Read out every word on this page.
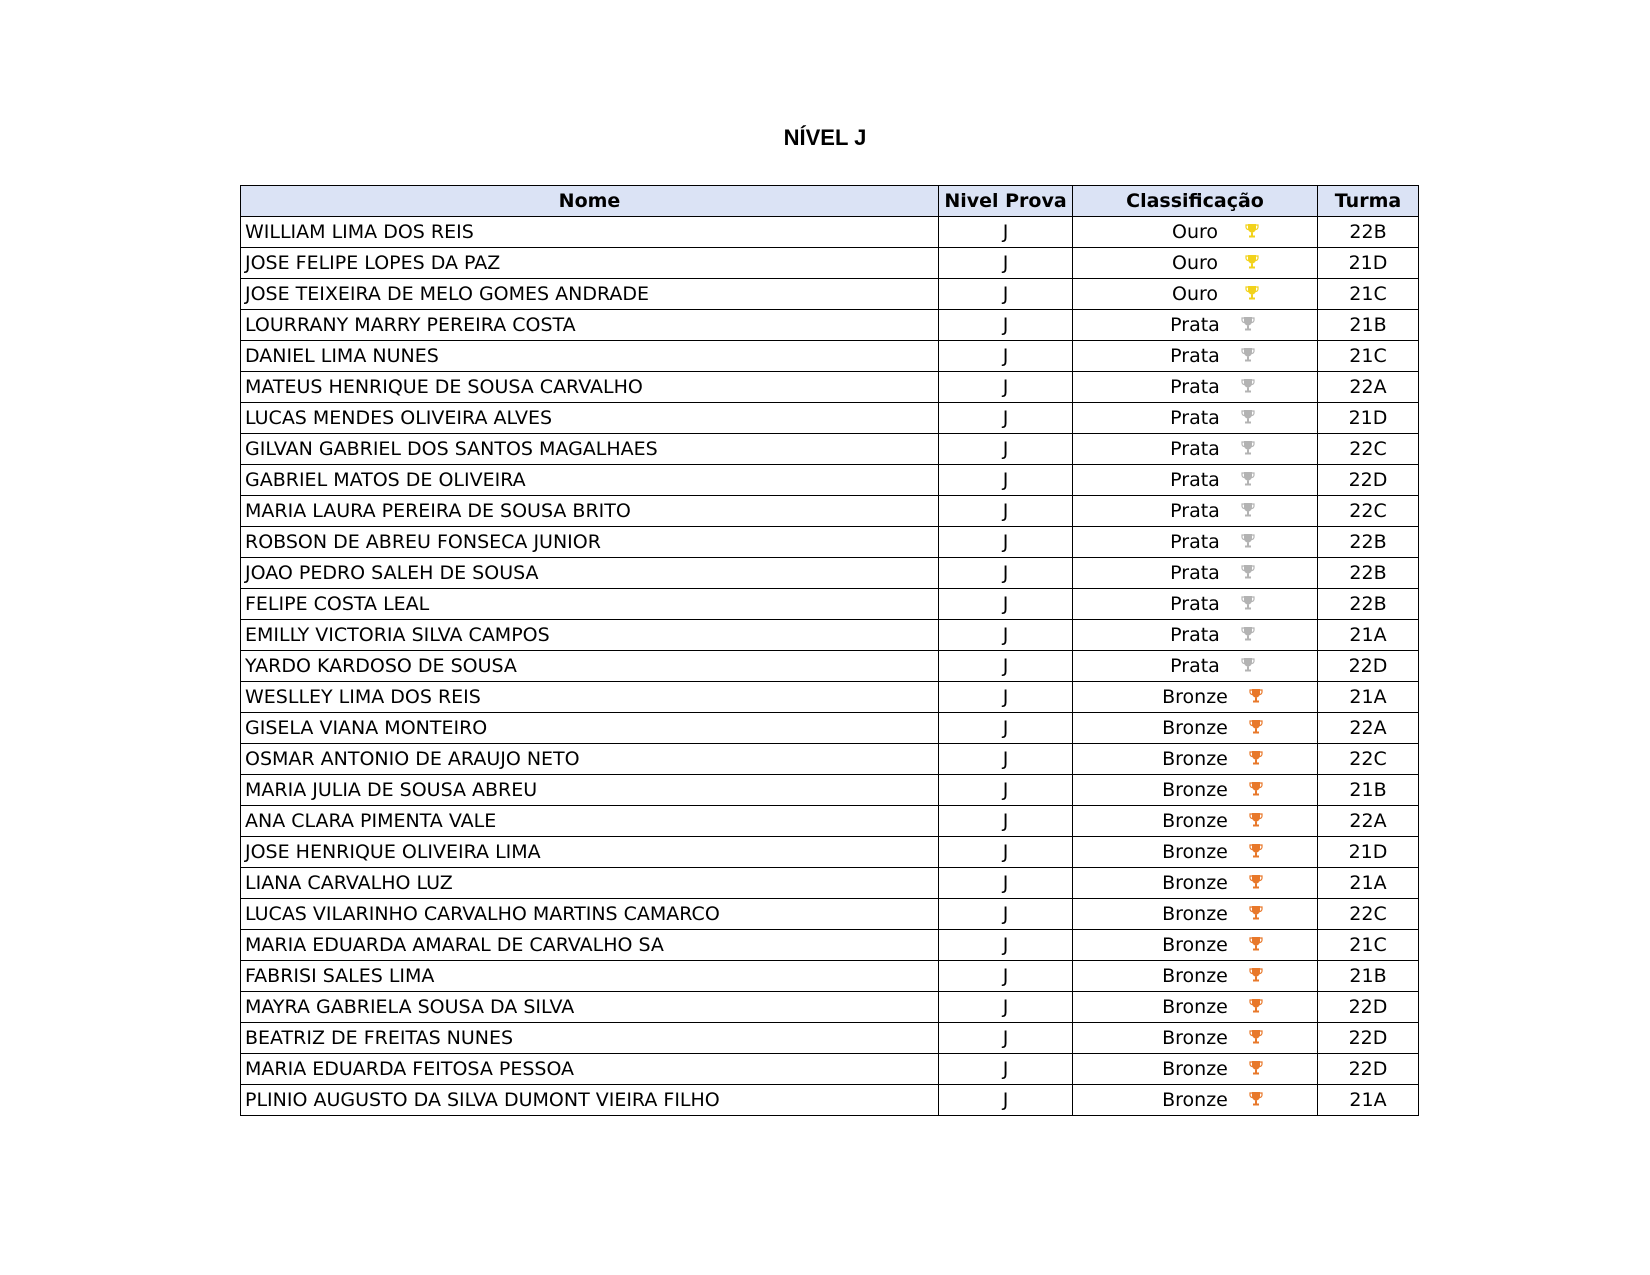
NÍVEL J
Nome	Nivel Prova	Classificação	Turma
WILLIAM LIMA DOS REIS	J	Ouro	22B
JOSE FELIPE LOPES DA PAZ	J	Ouro	21D
JOSE TEIXEIRA DE MELO GOMES ANDRADE	J	Ouro	21C
LOURRANY MARRY PEREIRA COSTA	J	Prata	21B
DANIEL LIMA NUNES	J	Prata	21C
MATEUS HENRIQUE DE SOUSA CARVALHO	J	Prata	22A
LUCAS MENDES OLIVEIRA ALVES	J	Prata	21D
GILVAN GABRIEL DOS SANTOS MAGALHAES	J	Prata	22C
GABRIEL MATOS DE OLIVEIRA	J	Prata	22D
MARIA LAURA PEREIRA DE SOUSA BRITO	J	Prata	22C
ROBSON DE ABREU FONSECA JUNIOR	J	Prata	22B
JOAO PEDRO SALEH DE SOUSA	J	Prata	22B
FELIPE COSTA LEAL	J	Prata	22B
EMILLY VICTORIA SILVA CAMPOS	J	Prata	21A
YARDO KARDOSO DE SOUSA	J	Prata	22D
WESLLEY LIMA DOS REIS	J	Bronze	21A
GISELA VIANA MONTEIRO	J	Bronze	22A
OSMAR ANTONIO DE ARAUJO NETO	J	Bronze	22C
MARIA JULIA DE SOUSA ABREU	J	Bronze	21B
ANA CLARA PIMENTA VALE	J	Bronze	22A
JOSE HENRIQUE OLIVEIRA LIMA	J	Bronze	21D
LIANA CARVALHO LUZ	J	Bronze	21A
LUCAS VILARINHO CARVALHO MARTINS CAMARCO	J	Bronze	22C
MARIA EDUARDA AMARAL DE CARVALHO SA	J	Bronze	21C
FABRISI SALES LIMA	J	Bronze	21B
MAYRA GABRIELA SOUSA DA SILVA	J	Bronze	22D
BEATRIZ DE FREITAS NUNES	J	Bronze	22D
MARIA EDUARDA FEITOSA PESSOA	J	Bronze	22D
PLINIO AUGUSTO DA SILVA DUMONT VIEIRA FILHO	J	Bronze	21A
